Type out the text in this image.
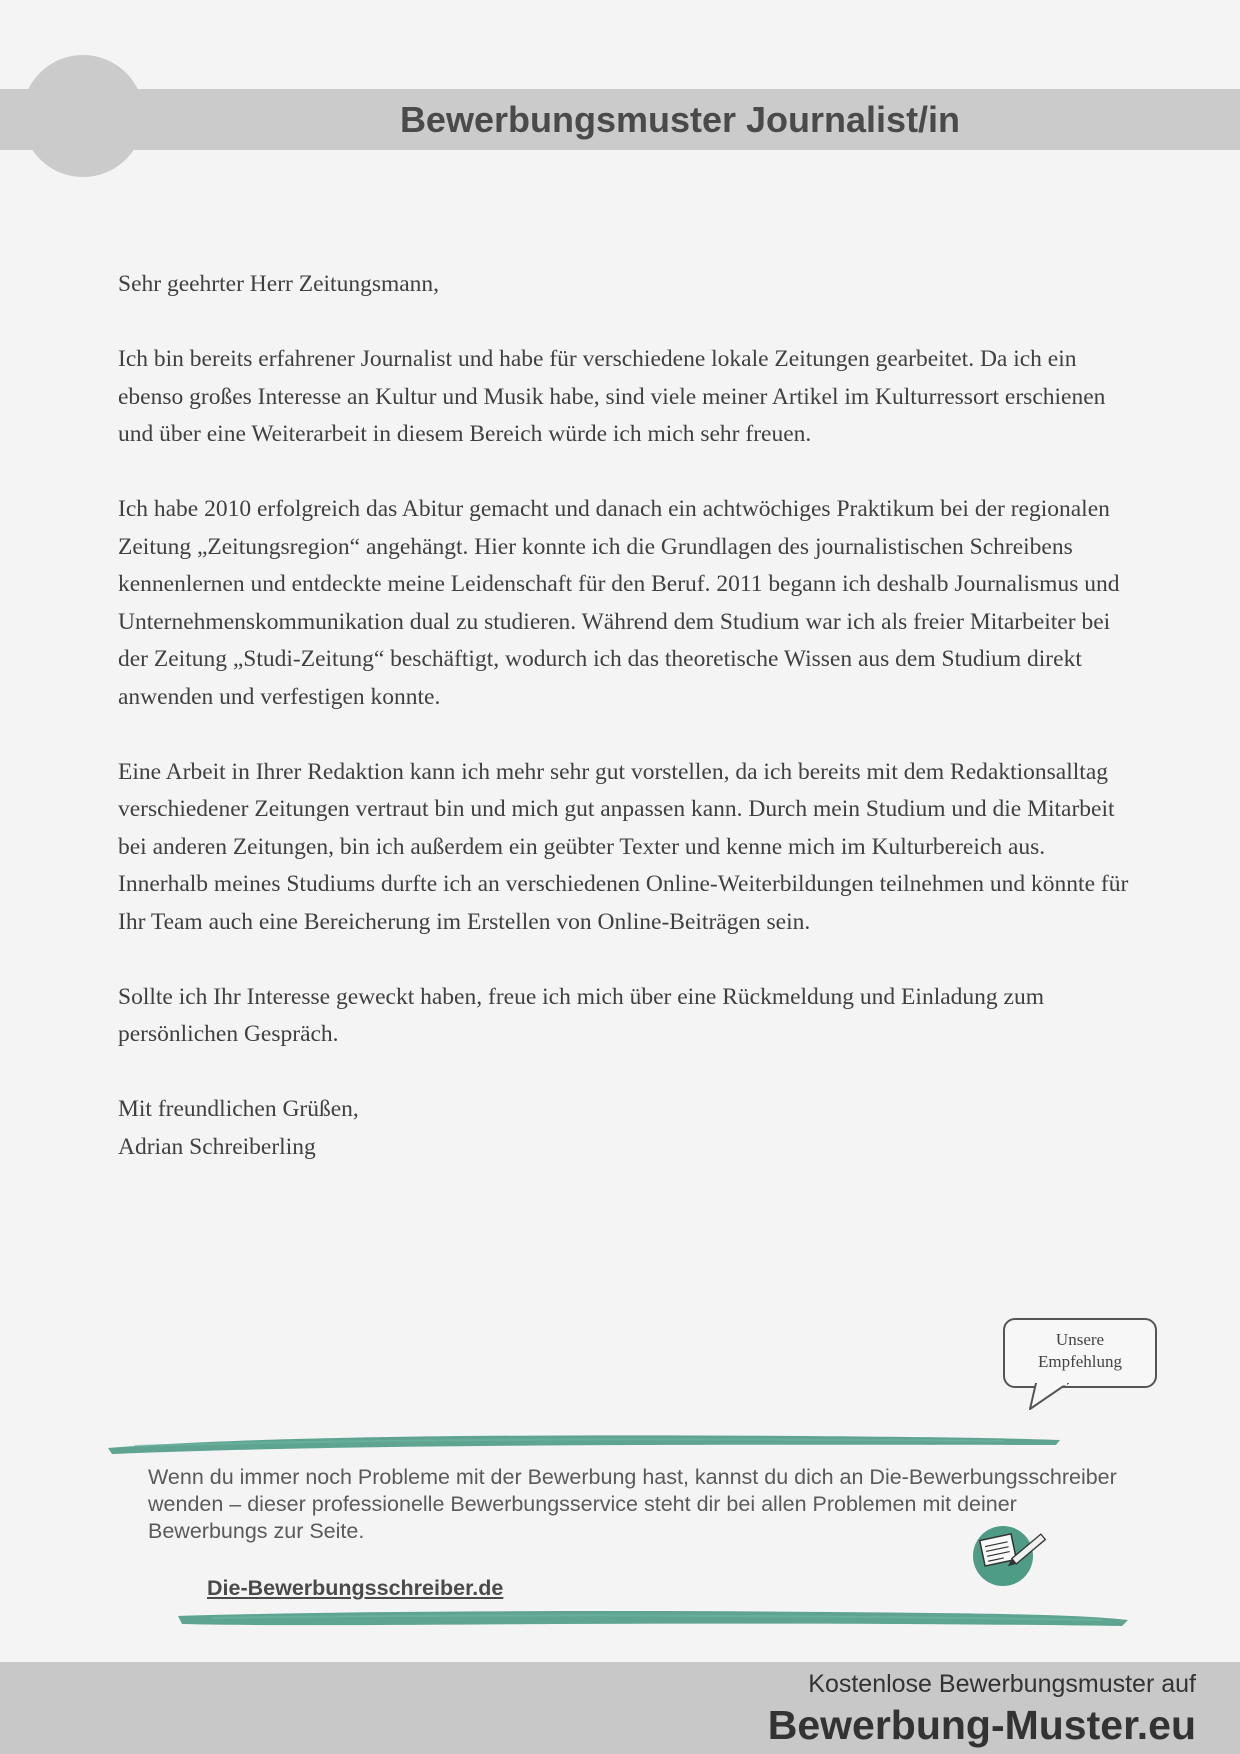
Bewerbungsmuster Journalist/in

Sehr geehrter Herr Zeitungsmann,

Ich bin bereits erfahrener Journalist und habe für verschiedene lokale Zeitungen gearbeitet. Da ich ein ebenso großes Interesse an Kultur und Musik habe, sind viele meiner Artikel im Kulturressort erschienen und über eine Weiterarbeit in diesem Bereich würde ich mich sehr freuen.

Ich habe 2010 erfolgreich das Abitur gemacht und danach ein achtwöchiges Praktikum bei der regionalen Zeitung „Zeitungsregion“ angehängt. Hier konnte ich die Grundlagen des journalistischen Schreibens kennenlernen und entdeckte meine Leidenschaft für den Beruf. 2011 begann ich deshalb Journalismus und Unternehmenskommunikation dual zu studieren. Während dem Studium war ich als freier Mitarbeiter bei der Zeitung „Studi-Zeitung“ beschäftigt, wodurch ich das theoretische Wissen aus dem Studium direkt anwenden und verfestigen konnte.

Eine Arbeit in Ihrer Redaktion kann ich mehr sehr gut vorstellen, da ich bereits mit dem Redaktionsalltag verschiedener Zeitungen vertraut bin und mich gut anpassen kann. Durch mein Studium und die Mitarbeit bei anderen Zeitungen, bin ich außerdem ein geübter Texter und kenne mich im Kulturbereich aus. Innerhalb meines Studiums durfte ich an verschiedenen Online-Weiterbildungen teilnehmen und könnte für Ihr Team auch eine Bereicherung im Erstellen von Online-Beiträgen sein.

Sollte ich Ihr Interesse geweckt haben, freue ich mich über eine Rückmeldung und Einladung zum persönlichen Gespräch.

Mit freundlichen Grüßen,

Adrian Schreiberling

Unsere
Empfehlung
Wenn du immer noch Probleme mit der Bewerbung hast, kannst du dich an Die-Bewerbungsschreiber wenden – dieser professionelle Bewerbungsservice steht dir bei allen Problemen mit deiner Bewerbungs zur Seite.
Die-Bewerbungsschreiber.de
Kostenlose Bewerbungsmuster auf
Bewerbung-Muster.eu
